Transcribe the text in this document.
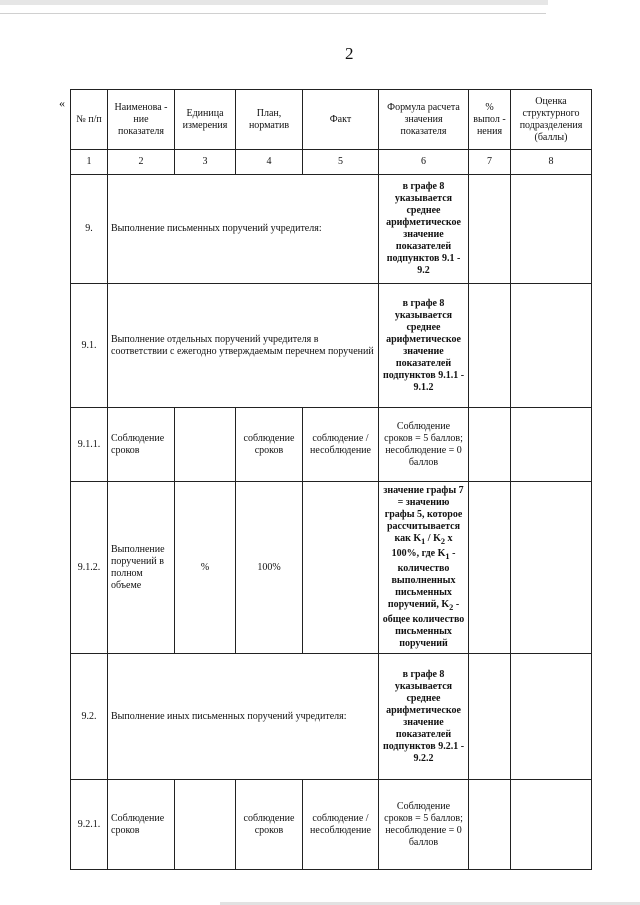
2
«
№ п/п	Наименова - ние показателя	Единица измерения	План, норматив	Факт	Формула расчета значения показателя	% выпол - нения	Оценка структурного подразделения (баллы)
1	2	3	4	5	6	7	8
9.	Выполнение письменных поручений учредителя:				в графе 8 указывается среднее арифметическое значение показателей подпунктов 9.1 - 9.2		
9.1.	Выполнение отдельных поручений учредителя в соответствии с ежегодно утверждаемым перечнем поручений				в графе 8 указывается среднее арифметическое значение показателей подпунктов 9.1.1 - 9.1.2		
9.1.1.	Соблюдение сроков		соблюдение сроков	соблюдение / несоблюдение	Соблюдение сроков = 5 баллов; несоблюдение = 0 баллов		
9.1.2.	Выполнение поручений в полном объеме	%	100%		значение графы 7 = значению графы 5, которое рассчитывается как $K_1 / K_2$ x 100%, где $K_1$ - количество выполненных письменных поручений, $K_2$ - общее количество письменных поручений		
9.2.	Выполнение иных письменных поручений учредителя:				в графе 8 указывается среднее арифметическое значение показателей подпунктов 9.2.1 - 9.2.2		
9.2.1.	Соблюдение сроков		соблюдение сроков	соблюдение / несоблюдение	Соблюдение сроков = 5 баллов; несоблюдение = 0 баллов		
